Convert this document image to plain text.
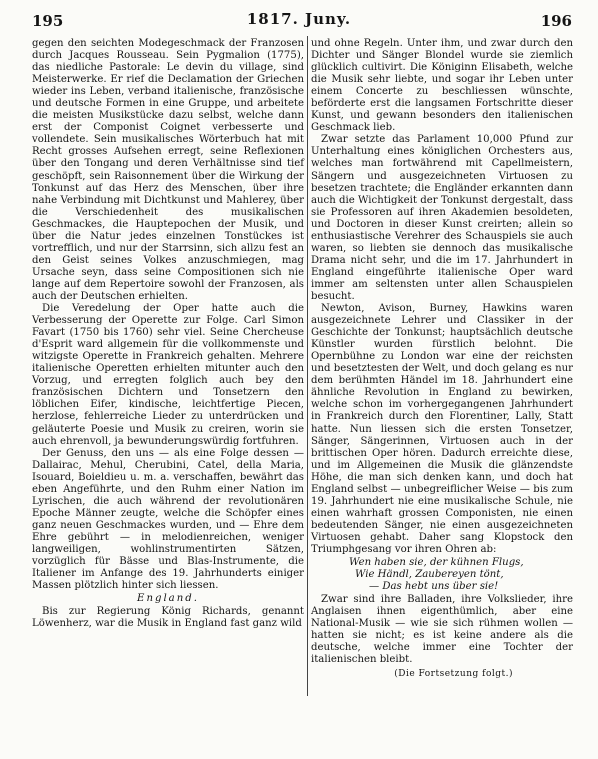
195	1817. Juny.	196

gegen den seichten Modegeschmack der Franzosen durch Jacques Rousseau. Sein Pygmalion (1775), das niedliche Pastorale: Le devin du village, sind Meisterwerke. Er rief die Declamation der Griechen wieder ins Leben, verband italienische, französische und deutsche Formen in eine Gruppe, und arbeitete die meisten Musikstücke dazu selbst, welche dann erst der Componist Coignet verbesserte und vollendete. Sein musikalisches Wörterbuch hat mit Recht grosses Aufsehen erregt, seine Reflexionen über den Tongang und deren Verhältnisse sind tief geschöpft, sein Raisonnement über die Wirkung der Tonkunst auf das Herz des Menschen, über ihre nahe Verbindung mit Dichtkunst und Mahlerey, über die Verschiedenheit des musikalischen Geschmackes, die Hauptepochen der Musik, und über die Natur jedes einzelnen Tonstückes ist vortrefflich, und nur der Starrsinn, sich allzu fest an den Geist seines Volkes anzuschmiegen, mag Ursache seyn, dass seine Compositionen sich nie lange auf dem Repertoire sowohl der Franzosen, als auch der Deutschen erhielten.

Die Veredelung der Oper hatte auch die Verbesserung der Operette zur Folge. Carl Simon Favart (1750 bis 1760) sehr viel. Seine Chercheuse d'Esprit ward allgemein für die vollkommenste und witzigste Operette in Frankreich gehalten. Mehrere italienische Operetten erhielten mitunter auch den Vorzug, und erregten folglich auch bey den französischen Dichtern und Tonsetzern den löblichen Eifer, kindische, leichtfertige Piecen, herzlose, fehlerreiche Lieder zu unterdrücken und geläuterte Poesie und Musik zu creiren, worin sie auch ehrenvoll, ja bewunderungswürdig fortfuhren.

Der Genuss, den uns — als eine Folge dessen — Dallairac, Mehul, Cherubini, Catel, della Maria, Isouard, Boieldieu u. m. a. verschaffen, bewährt das eben Angeführte, und den Ruhm einer Nation im Lyrischen, die auch während der revolutionären Epoche Männer zeugte, welche die Schöpfer eines ganz neuen Geschmackes wurden, und — Ehre dem Ehre gebührt — in melodienreichen, weniger langweiligen, wohlinstrumentirten Sätzen, vorzüglich für Bässe und Blas-Instrumente, die Italiener im Anfange des 19. Jahrhunderts einiger Massen plötzlich hinter sich liessen.

England.

Bis zur Regierung König Richards, genannt Löwenherz, war die Musik in England fast ganz wild

und ohne Regeln. Unter ihm, und zwar durch den Dichter und Sänger Blondel wurde sie ziemlich glücklich cultivirt. Die Königinn Elisabeth, welche die Musik sehr liebte, und sogar ihr Leben unter einem Concerte zu beschliessen wünschte, beförderte erst die langsamen Fortschritte dieser Kunst, und gewann besonders den italienischen Geschmack lieb.

Zwar setzte das Parlament 10,000 Pfund zur Unterhaltung eines königlichen Orchesters aus, welches man fortwährend mit Capellmeistern, Sängern und ausgezeichneten Virtuosen zu besetzen trachtete; die Engländer erkannten dann auch die Wichtigkeit der Tonkunst dergestalt, dass sie Professoren auf ihren Akademien besoldeten, und Doctoren in dieser Kunst creirten; allein so enthusiastische Verehrer des Schauspiels sie auch waren, so liebten sie dennoch das musikalische Drama nicht sehr, und die im 17. Jahrhundert in England eingeführte italienische Oper ward immer am seltensten unter allen Schauspielen besucht.

Newton, Avison, Burney, Hawkins waren ausgezeichnete Lehrer und Classiker in der Geschichte der Tonkunst; hauptsächlich deutsche Künstler wurden fürstlich belohnt. Die Opernbühne zu London war eine der reichsten und besetztesten der Welt, und doch gelang es nur dem berühmten Händel im 18. Jahrhundert eine ähnliche Revolution in England zu bewirken, welche schon im vorhergegangenen Jahrhundert in Frankreich durch den Florentiner, Lally, Statt hatte. Nun liessen sich die ersten Tonsetzer, Sänger, Sängerinnen, Virtuosen auch in der brittischen Oper hören. Dadurch erreichte diese, und im Allgemeinen die Musik die glänzendste Höhe, die man sich denken kann, und doch hat England selbst — unbegreiflicher Weise — bis zum 19. Jahrhundert nie eine musikalische Schule, nie einen wahrhaft grossen Componisten, nie einen bedeutenden Sänger, nie einen ausgezeichneten Virtuosen gehabt. Daher sang Klopstock den Triumphgesang vor ihren Ohren ab:

Wen haben sie, der kühnen Flugs,
Wie Händl, Zaubereyen tönt,
— Das hebt uns über sie!

Zwar sind ihre Balladen, ihre Volkslieder, ihre Anglaisen ihnen eigenthümlich, aber eine National-Musik — wie sie sich rühmen wollen — hatten sie nicht; es ist keine andere als die deutsche, welche immer eine Tochter der italienischen bleibt.

(Die Fortsetzung folgt.)
